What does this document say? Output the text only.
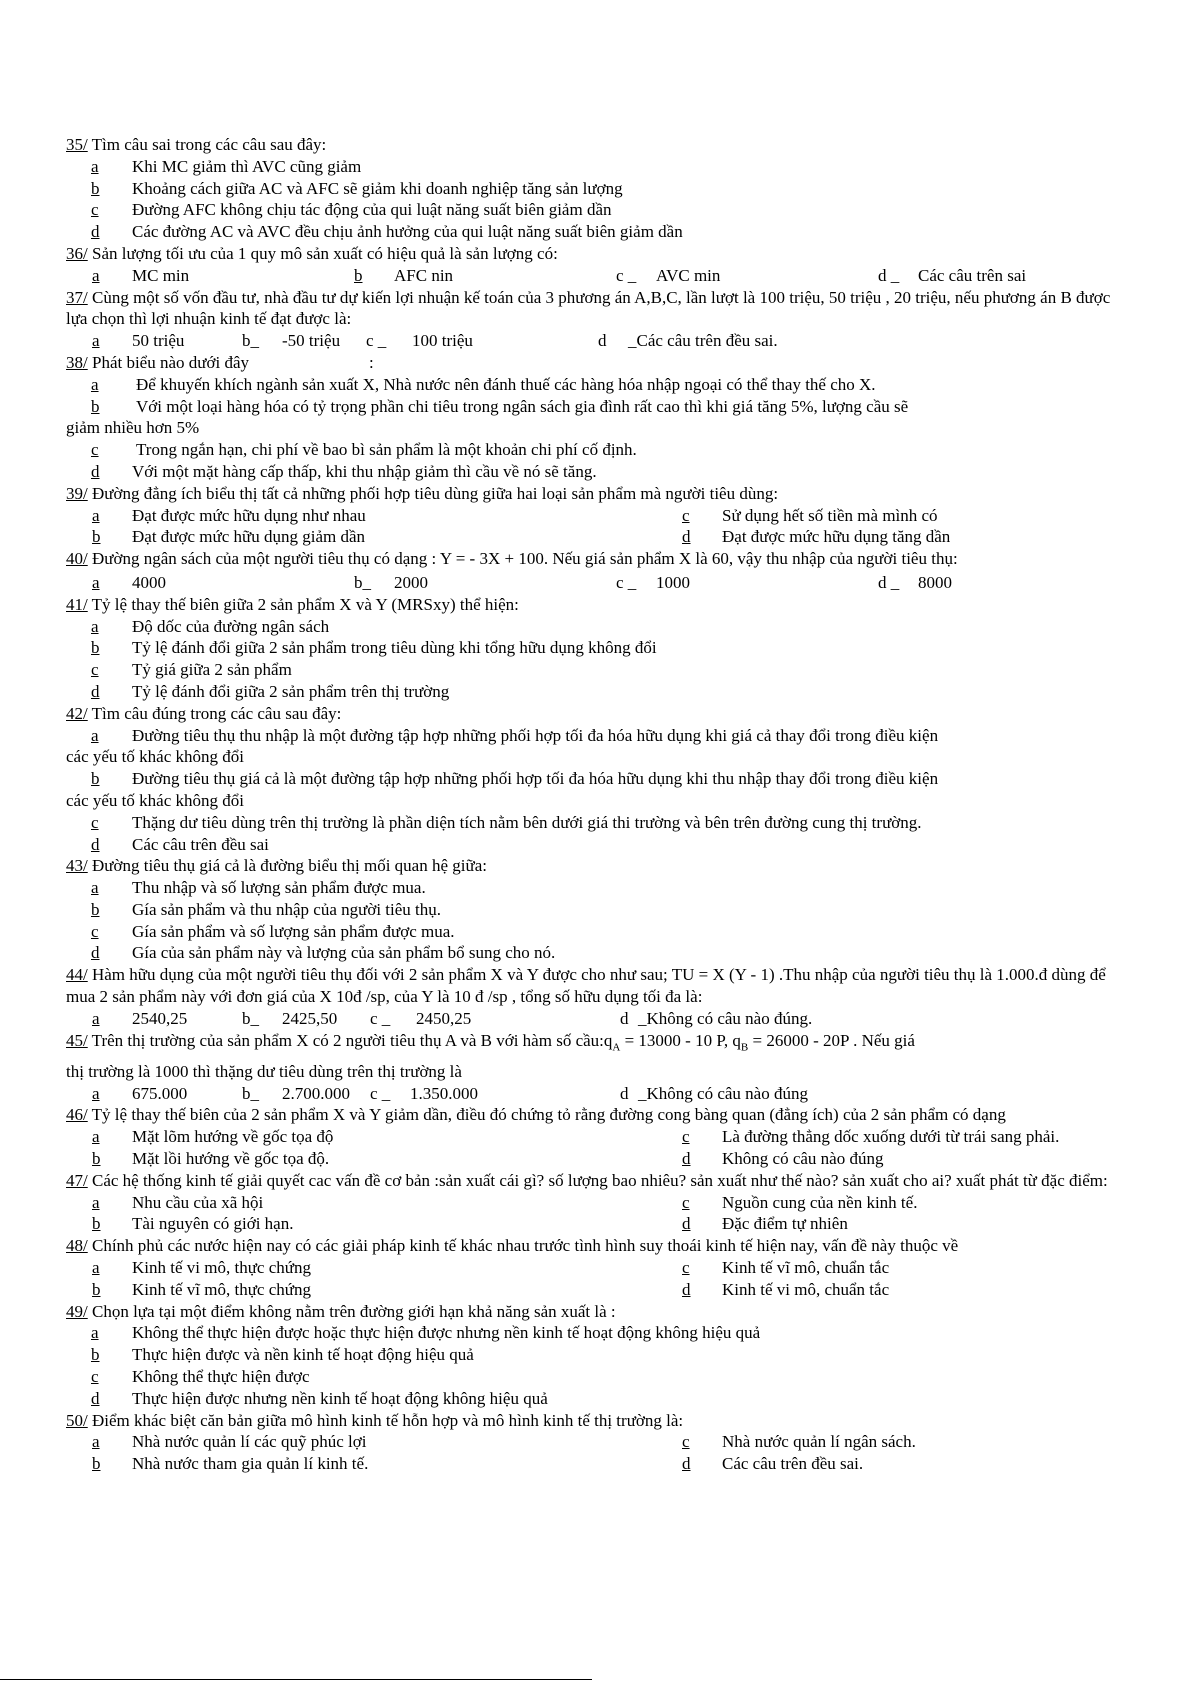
35/ Tìm câu sai trong các câu sau đây:

a	Khi MC giảm thì AVC cũng giảm

b	Khoảng cách giữa AC và AFC sẽ giảm khi doanh nghiệp tăng sản lượng

c	Đường AFC không chịu tác động của qui luật năng suất biên giảm dần

d	Các đường AC và AVC đều chịu ảnh hưởng của qui luật năng suất biên giảm dần

36/ Sản lượng tối ưu của 1 quy mô sản xuất có hiệu quả là sản lượng có:

a	MC min	b	AFC nin	c _	AVC min	d _	Các câu trên sai

37/ Cùng một số vốn đầu tư, nhà đầu tư dự kiến lợi nhuận kế toán của 3 phương án A,B,C, lần lượt là 100 triệu, 50 triệu , 20 triệu, nếu phương án B được lựa chọn thì lợi nhuận kinh tế đạt được là:

a	50 triệu	b_	-50 triệu c _	100 triệu	d	_ Các câu trên đều sai.

38/ Phát biểu nào dưới đây	:

a	Để khuyến khích ngành sản xuất X, Nhà nước nên đánh thuế các hàng hóa nhập ngoại có thể thay thế cho X.

b	Với một loại hàng hóa có tỷ trọng phần chi tiêu trong ngân sách gia đình rất cao thì khi giá tăng 5%, lượng cầu sẽ

giảm nhiều hơn 5%

c	Trong ngắn hạn, chi phí về bao bì sản phẩm là một khoản chi phí cố định.

d	Với một mặt hàng cấp thấp, khi thu nhập giảm thì cầu về nó sẽ tăng.

39/ Đường đẳng ích biểu thị tất cả những phối hợp tiêu dùng giữa hai loại sản phẩm mà người tiêu dùng:

a	Đạt được mức hữu dụng như nhau	c	Sử dụng hết số tiền mà mình có
b	Đạt được mức hữu dụng giảm dần	d	Đạt được mức hữu dụng tăng dần

40/ Đường ngân sách của một người tiêu thụ có dạng : Y = - 3X + 100. Nếu giá sản phẩm X là 60, vậy thu nhập của người tiêu thụ:

a	4000	b_	2000	c _	1000	d _	8000

41/ Tỷ lệ thay thế biên giữa 2 sản phẩm X và Y (MRSxy) thể hiện:

a	Độ dốc của đường ngân sách

b	Tỷ lệ đánh đổi giữa 2 sản phẩm trong tiêu dùng khi tổng hữu dụng không đổi

c	Tỷ giá giữa 2 sản phẩm

d	Tỷ lệ đánh đổi giữa 2 sản phẩm trên thị trường

42/ Tìm câu đúng trong các câu sau đây:

a	Đường tiêu thụ thu nhập là một đường tập hợp những phối hợp tối đa hóa hữu dụng khi giá cả thay đổi trong điều kiện

các yếu tố khác không đổi

b	Đường tiêu thụ giá cả là một đường tập hợp những phối hợp tối đa hóa hữu dụng khi thu nhập thay đổi trong điều kiện

các yếu tố khác không đổi

c	Thặng dư tiêu dùng trên thị trường là phần diện tích nằm bên dưới giá thi trường và bên trên đường cung thị trường.

d	Các câu trên đều sai

43/ Đường tiêu thụ giá cả là đường biểu thị mối quan hệ giữa:

a	Thu nhập và số lượng sản phẩm được mua.

b	Gía sản phẩm và thu nhập của người tiêu thụ.

c	Gía sản phẩm và số lượng sản phẩm được mua.

d	Gía của sản phẩm này và lượng của sản phẩm bổ sung cho nó.

44/ Hàm hữu dụng của một người tiêu thụ đối với 2 sản phẩm X và Y được cho như sau; TU = X (Y - 1) .Thu nhập của người tiêu thụ là 1.000.đ dùng để mua 2 sản phẩm này với đơn giá của X 10đ /sp, của Y là 10 đ /sp , tổng số hữu dụng tối đa là:

a	2540,25	b_	2425,50 c _	2450,25	d _ Không có câu nào đúng.

45/ Trên thị trường của sản phẩm X có 2 người tiêu thụ A và B với hàm số $cầu:q_A = 13000 - 10$ P, $q_B = 26000 - 20P$ . Nếu giá

thị trường là 1000 thì thặng dư tiêu dùng trên thị trường là

a	675.000	b_	2.700.000 c _	1.350.000	d _ Không có câu nào đúng

46/ Tỷ lệ thay thế biên của 2 sản phẩm X và Y giảm dần, điều đó chứng tỏ rằng đường cong bàng quan (đẳng ích) của 2 sản phẩm có dạng

a	Mặt lõm hướng về gốc tọa độ	c	Là đường thẳng dốc xuống dưới từ trái sang phải.
b	Mặt lồi hướng về gốc tọa độ.	d	Không có câu nào đúng

47/ Các hệ thống kinh tế giải quyết cac vấn đề cơ bản :sản xuất cái gì? số lượng bao nhiêu? sản xuất như thế nào? sản xuất cho ai? xuất phát từ đặc điểm:

a	Nhu cầu của xã hội	c	Nguồn cung của nền kinh tế.
b	Tài nguyên có giới hạn.	d	Đặc điểm tự nhiên

48/ Chính phủ các nước hiện nay có các giải pháp kinh tế khác nhau trước tình hình suy thoái kinh tế hiện nay, vấn đề này thuộc về

a	Kinh tế vi mô, thực chứng	c	Kinh tế vĩ mô, chuẩn tắc
b	Kinh tế vĩ mô, thực chứng	d	Kinh tế vi mô, chuẩn tắc

49/ Chọn lựa tại một điểm không nằm trên đường giới hạn khả năng sản xuất là :

a	Không thể thực hiện được hoặc thực hiện được nhưng nền kinh tế hoạt động không hiệu quả

b	Thực hiện được và nền kinh tế hoạt động hiệu quả

c	Không thể thực hiện được

d	Thực hiện được nhưng nền kinh tế hoạt động không hiệu quả

50/ Điểm khác biệt căn bản giữa mô hình kinh tế hỗn hợp và mô hình kinh tế thị trường là:

a	Nhà nước quản lí các quỹ phúc lợi	c	Nhà nước quản lí ngân sách.
b	Nhà nước tham gia quản lí kinh tế.	d	Các câu trên đều sai.
